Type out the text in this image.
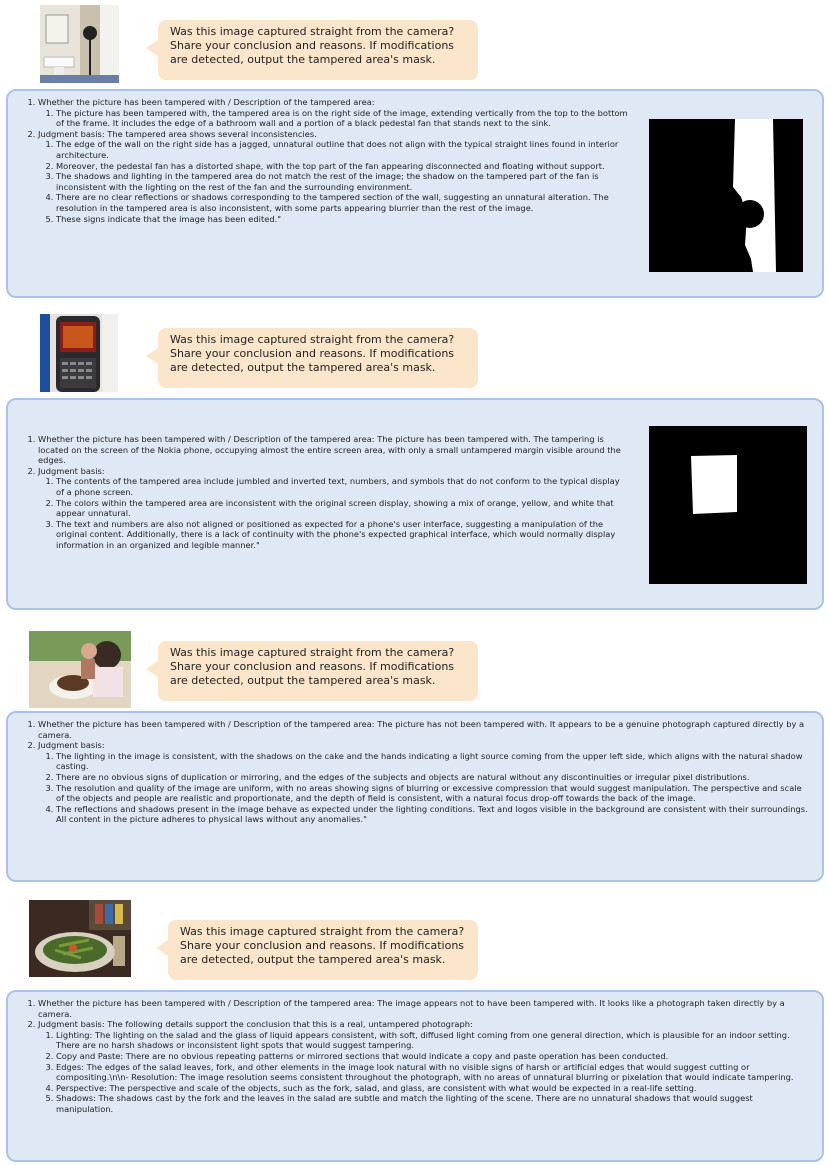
Was this image captured straight from the camera?
Share your conclusion and reasons. If modifications
are detected, output the tampered area's mask.
1. Whether the picture has been tampered with / Description of the tampered area:
1. The picture has been tampered with, the tampered area is on the right side of the image, extending vertically from the top to the bottom of the frame. It includes the edge of a bathroom wall and a portion of a black pedestal fan that stands next to the sink.
2. Judgment basis: The tampered area shows several inconsistencies.
1. The edge of the wall on the right side has a jagged, unnatural outline that does not align with the typical straight lines found in interior architecture.
2. Moreover, the pedestal fan has a distorted shape, with the top part of the fan appearing disconnected and floating without support.
3. The shadows and lighting in the tampered area do not match the rest of the image; the shadow on the tampered part of the fan is inconsistent with the lighting on the rest of the fan and the surrounding environment.
4. There are no clear reflections or shadows corresponding to the tampered section of the wall, suggesting an unnatural alteration. The resolution in the tampered area is also inconsistent, with some parts appearing blurrier than the rest of the image.
5. These signs indicate that the image has been edited."
Was this image captured straight from the camera?
Share your conclusion and reasons. If modifications
are detected, output the tampered area's mask.
1. Whether the picture has been tampered with / Description of the tampered area: The picture has been tampered with. The tampering is located on the screen of the Nokia phone, occupying almost the entire screen area, with only a small untampered margin visible around the edges.
2. Judgment basis:
1. The contents of the tampered area include jumbled and inverted text, numbers, and symbols that do not conform to the typical display of a phone screen.
2. The colors within the tampered area are inconsistent with the original screen display, showing a mix of orange, yellow, and white that appear unnatural.
3. The text and numbers are also not aligned or positioned as expected for a phone's user interface, suggesting a manipulation of the original content. Additionally, there is a lack of continuity with the phone's expected graphical interface, which would normally display information in an organized and legible manner."
Was this image captured straight from the camera?
Share your conclusion and reasons. If modifications
are detected, output the tampered area's mask.
1. Whether the picture has been tampered with / Description of the tampered area: The picture has not been tampered with. It appears to be a genuine photograph captured directly by a camera.
2. Judgment basis:
1. The lighting in the image is consistent, with the shadows on the cake and the hands indicating a light source coming from the upper left side, which aligns with the natural shadow casting.
2. There are no obvious signs of duplication or mirroring, and the edges of the subjects and objects are natural without any discontinuities or irregular pixel distributions.
3. The resolution and quality of the image are uniform, with no areas showing signs of blurring or excessive compression that would suggest manipulation. The perspective and scale of the objects and people are realistic and proportionate, and the depth of field is consistent, with a natural focus drop-off towards the back of the image.
4. The reflections and shadows present in the image behave as expected under the lighting conditions. Text and logos visible in the background are consistent with their surroundings. All content in the picture adheres to physical laws without any anomalies."
Was this image captured straight from the camera?
Share your conclusion and reasons. If modifications
are detected, output the tampered area's mask.
1. Whether the picture has been tampered with / Description of the tampered area: The image appears not to have been tampered with. It looks like a photograph taken directly by a camera.
2. Judgment basis: The following details support the conclusion that this is a real, untampered photograph:
1. Lighting: The lighting on the salad and the glass of liquid appears consistent, with soft, diffused light coming from one general direction, which is plausible for an indoor setting. There are no harsh shadows or inconsistent light spots that would suggest tampering.
2. Copy and Paste: There are no obvious repeating patterns or mirrored sections that would indicate a copy and paste operation has been conducted.
3. Edges: The edges of the salad leaves, fork, and other elements in the image look natural with no visible signs of harsh or artificial edges that would suggest cutting or compositing.\n\n- Resolution: The image resolution seems consistent throughout the photograph, with no areas of unnatural blurring or pixelation that would indicate tampering.
4. Perspective: The perspective and scale of the objects, such as the fork, salad, and glass, are consistent with what would be expected in a real-life setting.
5. Shadows: The shadows cast by the fork and the leaves in the salad are subtle and match the lighting of the scene. There are no unnatural shadows that would suggest manipulation.
